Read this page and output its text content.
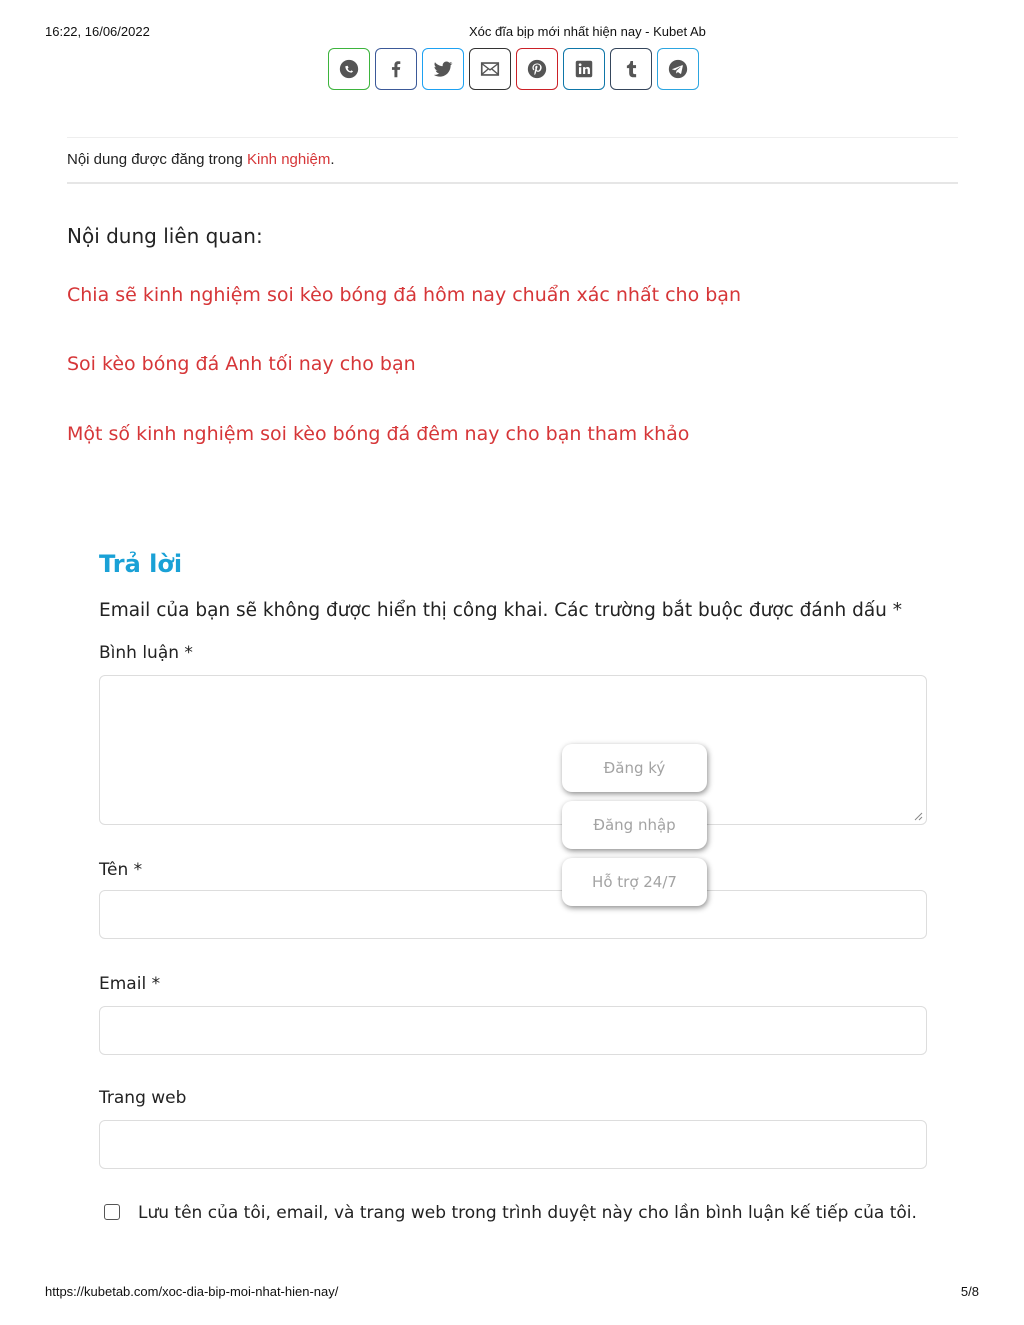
16:22, 16/06/2022	Xóc đĩa bịp mới nhất hiện nay - Kubet Ab
Nội dung được đăng trong Kinh nghiệm.
Nội dung liên quan:
Chia sẽ kinh nghiệm soi kèo bóng đá hôm nay chuẩn xác nhất cho bạn
Soi kèo bóng đá Anh tối nay cho bạn
Một số kinh nghiệm soi kèo bóng đá đêm nay cho bạn tham khảo
Trả lời
Email của bạn sẽ không được hiển thị công khai. Các trường bắt buộc được đánh dấu *
Bình luận *
Tên *
Email *
Trang web
Lưu tên của tôi, email, và trang web trong trình duyệt này cho lần bình luận kế tiếp của tôi.
Đăng ký
Đăng nhập
Hỗ trợ 24/7
https://kubetab.com/xoc-dia-bip-moi-nhat-hien-nay/	5/8
